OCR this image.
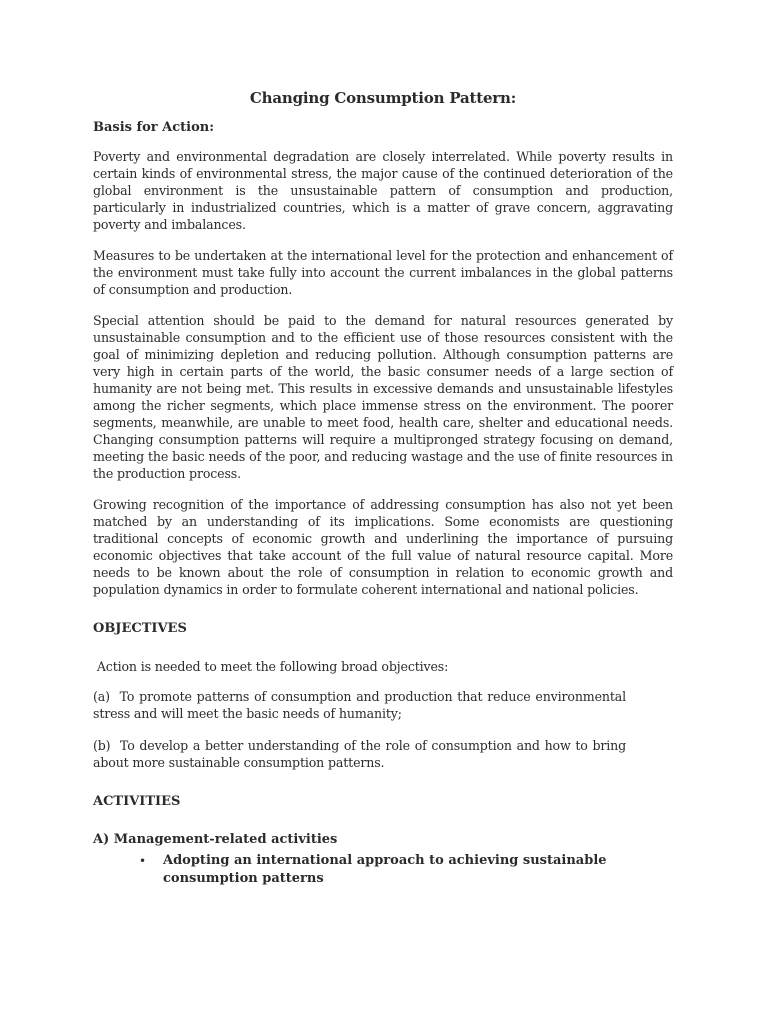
Changing Consumption Pattern:
Basis for Action:

Poverty and environmental degradation are closely interrelated. While poverty results in certain kinds of environmental stress, the major cause of the continued deterioration of the global environment is the unsustainable pattern of consumption and production, particularly in industrialized countries, which is a matter of grave concern, aggravating poverty and imbalances.

Measures to be undertaken at the international level for the protection and enhancement of the environment must take fully into account the current imbalances in the global patterns of consumption and production.

Special attention should be paid to the demand for natural resources generated by unsustainable consumption and to the efficient use of those resources consistent with the goal of minimizing depletion and reducing pollution. Although consumption patterns are very high in certain parts of the world, the basic consumer needs of a large section of humanity are not being met. This results in excessive demands and unsustainable lifestyles among the richer segments, which place immense stress on the environment. The poorer segments, meanwhile, are unable to meet food, health care, shelter and educational needs. Changing consumption patterns will require a multipronged strategy focusing on demand, meeting the basic needs of the poor, and reducing wastage and the use of finite resources in the production process.

Growing recognition of the importance of addressing consumption has also not yet been matched by an understanding of its implications. Some economists are questioning traditional concepts of economic growth and underlining the importance of pursuing economic objectives that take account of the full value of natural resource capital. More needs to be known about the role of consumption in relation to economic growth and population dynamics in order to formulate coherent international and national policies.

OBJECTIVES

Action is needed to meet the following broad objectives:

(a)  To promote patterns of consumption and production that reduce environmental stress and will meet the basic needs of humanity;

(b)  To develop a better understanding of the role of consumption and how to bring about more sustainable consumption patterns.

ACTIVITIES
A) Management-related activities
•	Adopting an international approach to achieving sustainable consumption patterns
